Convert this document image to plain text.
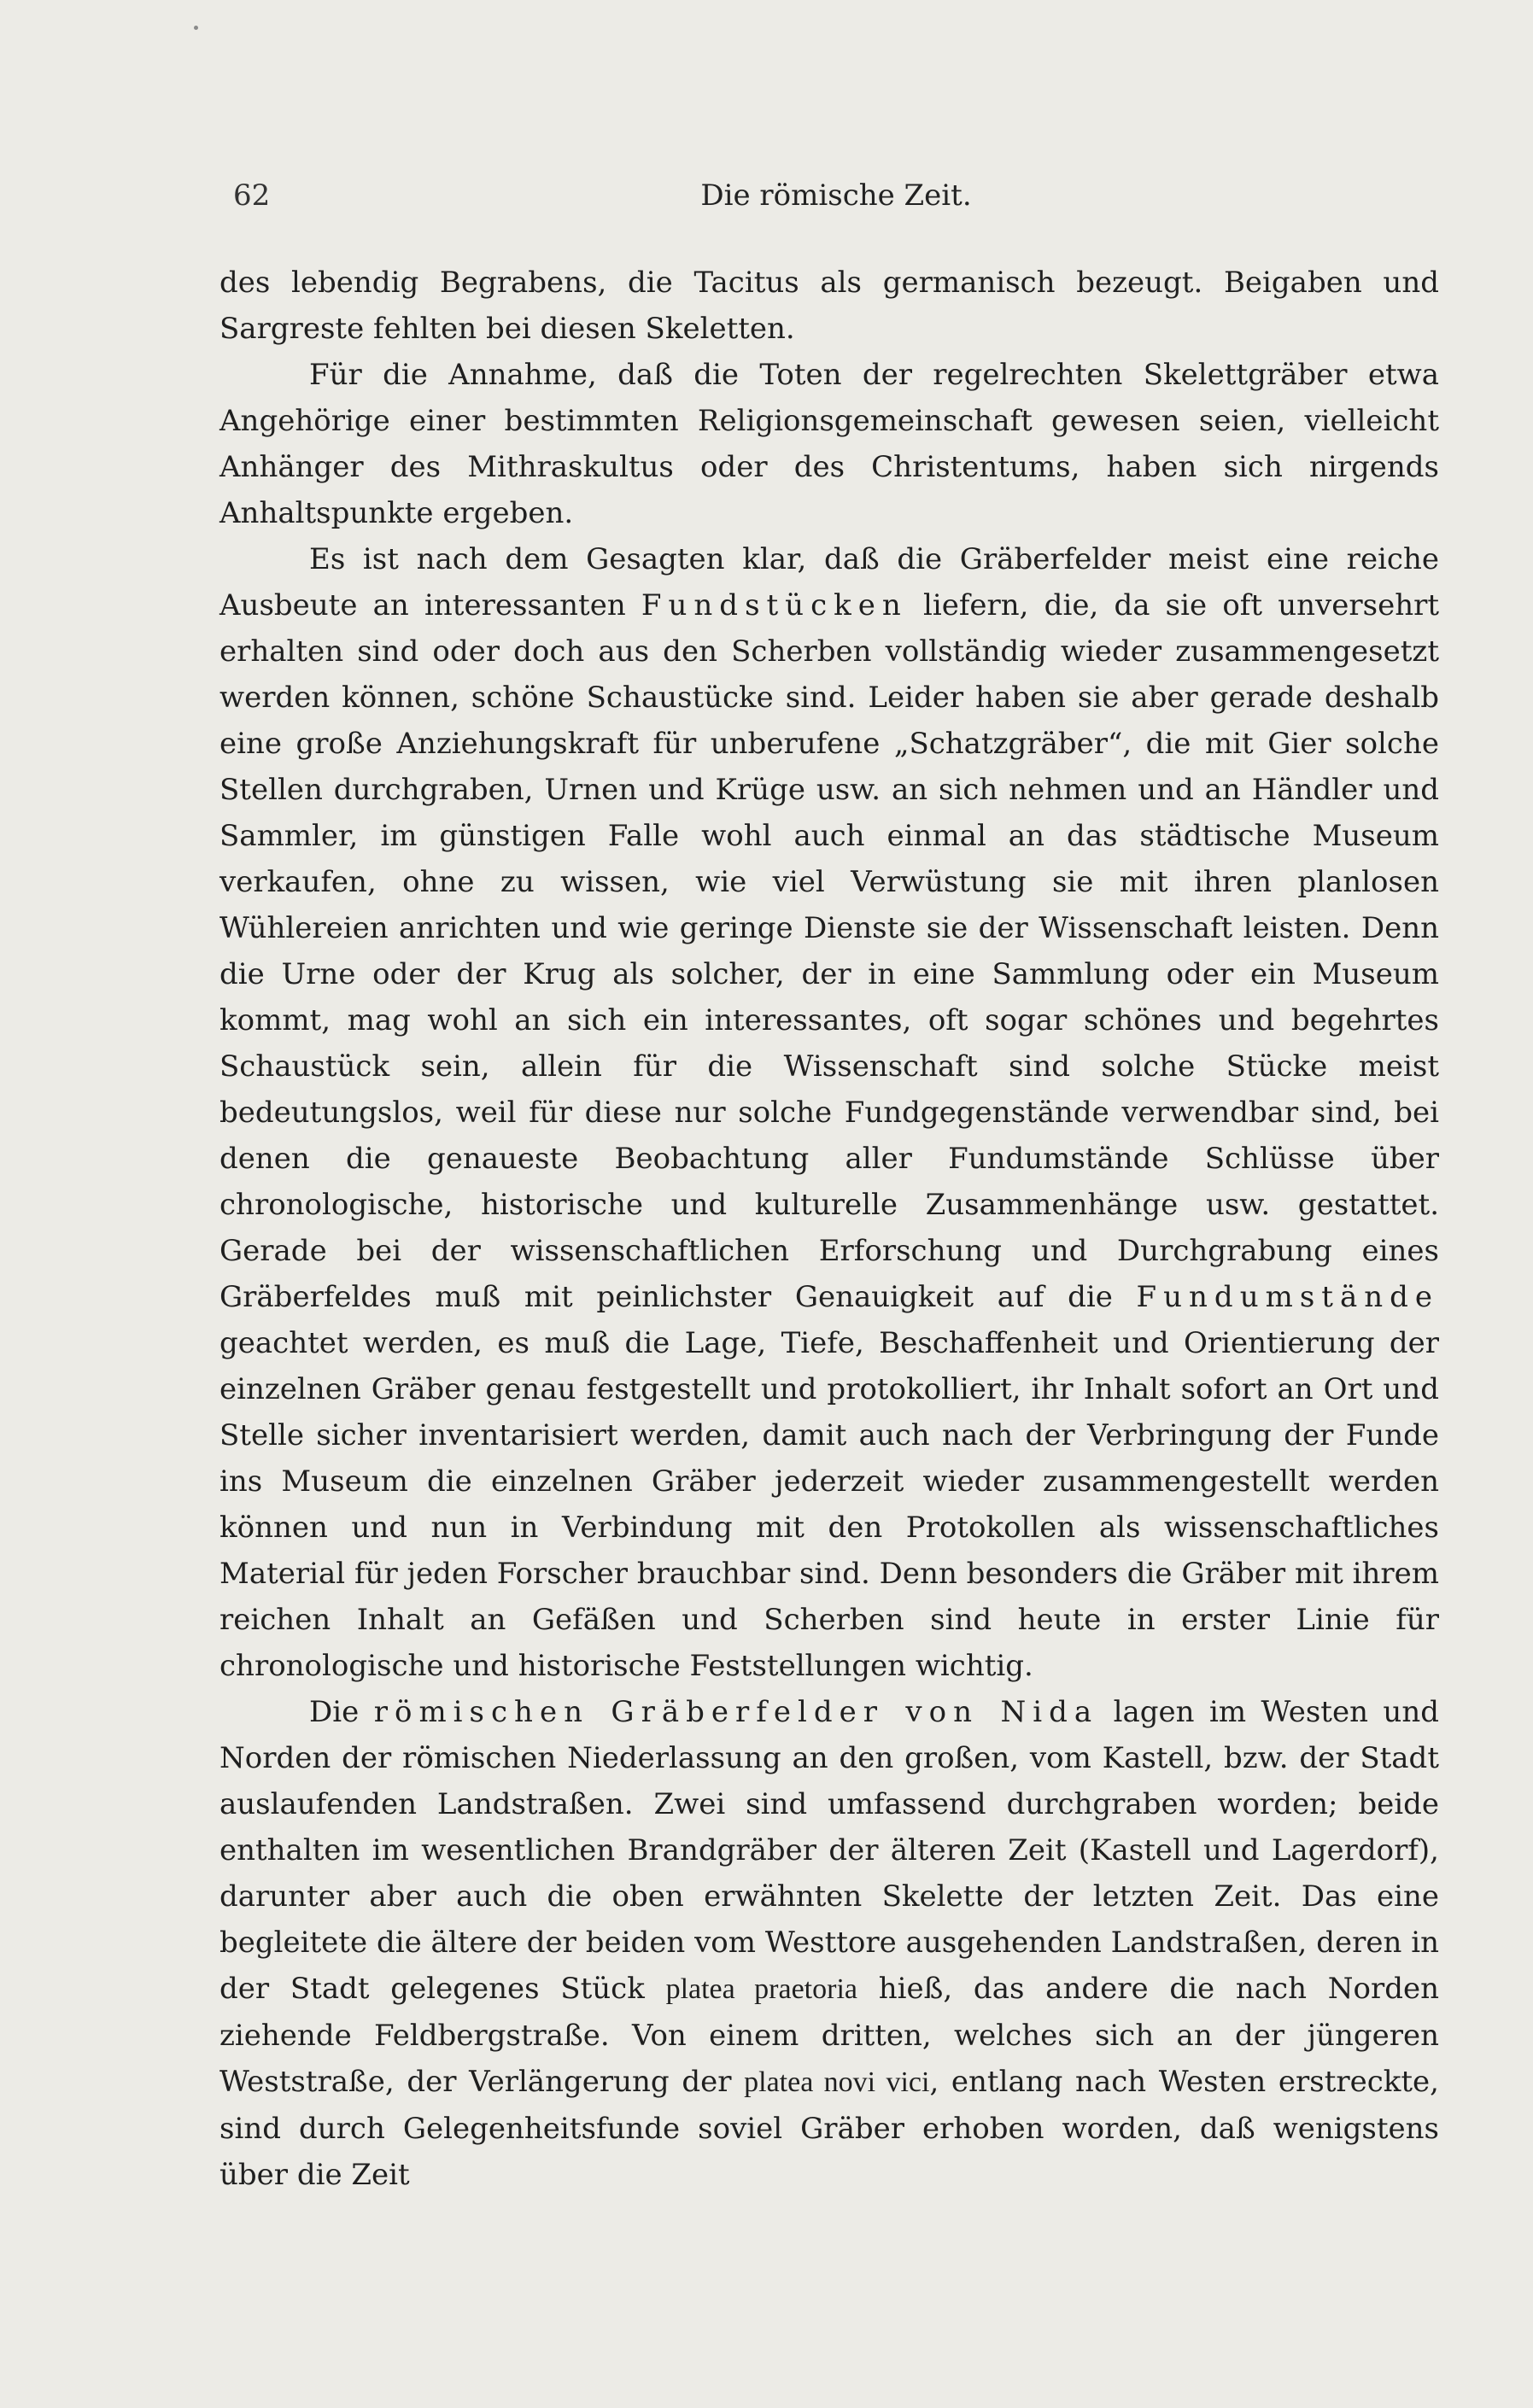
62	Die römische Zeit.

des lebendig Begrabens, die Tacitus als germanisch bezeugt. Beigaben und Sargreste fehlten bei diesen Skeletten.

Für die Annahme, daß die Toten der regelrechten Skelettgräber etwa Angehörige einer bestimmten Religionsgemeinschaft gewesen seien, vielleicht Anhänger des Mithraskultus oder des Christentums, haben sich nirgends Anhaltspunkte ergeben.

Es ist nach dem Gesagten klar, daß die Gräberfelder meist eine reiche Ausbeute an interessanten Fundstücken liefern, die, da sie oft unversehrt erhalten sind oder doch aus den Scherben vollständig wieder zusammengesetzt werden können, schöne Schaustücke sind. Leider haben sie aber gerade deshalb eine große Anziehungskraft für unberufene „Schatzgräber“, die mit Gier solche Stellen durchgraben, Urnen und Krüge usw. an sich nehmen und an Händler und Sammler, im günstigen Falle wohl auch einmal an das städtische Museum verkaufen, ohne zu wissen, wie viel Verwüstung sie mit ihren planlosen Wühlereien anrichten und wie geringe Dienste sie der Wissenschaft leisten. Denn die Urne oder der Krug als solcher, der in eine Sammlung oder ein Museum kommt, mag wohl an sich ein interessantes, oft sogar schönes und begehrtes Schaustück sein, allein für die Wissenschaft sind solche Stücke meist bedeutungslos, weil für diese nur solche Fundgegenstände verwendbar sind, bei denen die genaueste Beobachtung aller Fundumstände Schlüsse über chronologische, historische und kulturelle Zusammenhänge usw. gestattet. Gerade bei der wissenschaftlichen Erforschung und Durchgrabung eines Gräberfeldes muß mit peinlichster Genauigkeit auf die Fundumstände geachtet werden, es muß die Lage, Tiefe, Beschaffenheit und Orientierung der einzelnen Gräber genau festgestellt und protokolliert, ihr Inhalt sofort an Ort und Stelle sicher inventarisiert werden, damit auch nach der Verbringung der Funde ins Museum die einzelnen Gräber jederzeit wieder zusammengestellt werden können und nun in Verbindung mit den Protokollen als wissenschaftliches Material für jeden Forscher brauchbar sind. Denn besonders die Gräber mit ihrem reichen Inhalt an Gefäßen und Scherben sind heute in erster Linie für chronologische und historische Feststellungen wichtig.

Die römischen Gräberfelder von Nida lagen im Westen und Norden der römischen Niederlassung an den großen, vom Kastell, bzw. der Stadt auslaufenden Landstraßen. Zwei sind umfassend durchgraben worden; beide enthalten im wesentlichen Brandgräber der älteren Zeit (Kastell und Lagerdorf), darunter aber auch die oben erwähnten Skelette der letzten Zeit. Das eine begleitete die ältere der beiden vom Westtore ausgehenden Landstraßen, deren in der Stadt gelegenes Stück platea praetoria hieß, das andere die nach Norden ziehende Feldbergstraße. Von einem dritten, welches sich an der jüngeren Weststraße, der Verlängerung der platea novi vici, entlang nach Westen erstreckte, sind durch Gelegenheitsfunde soviel Gräber erhoben worden, daß wenigstens über die Zeit
